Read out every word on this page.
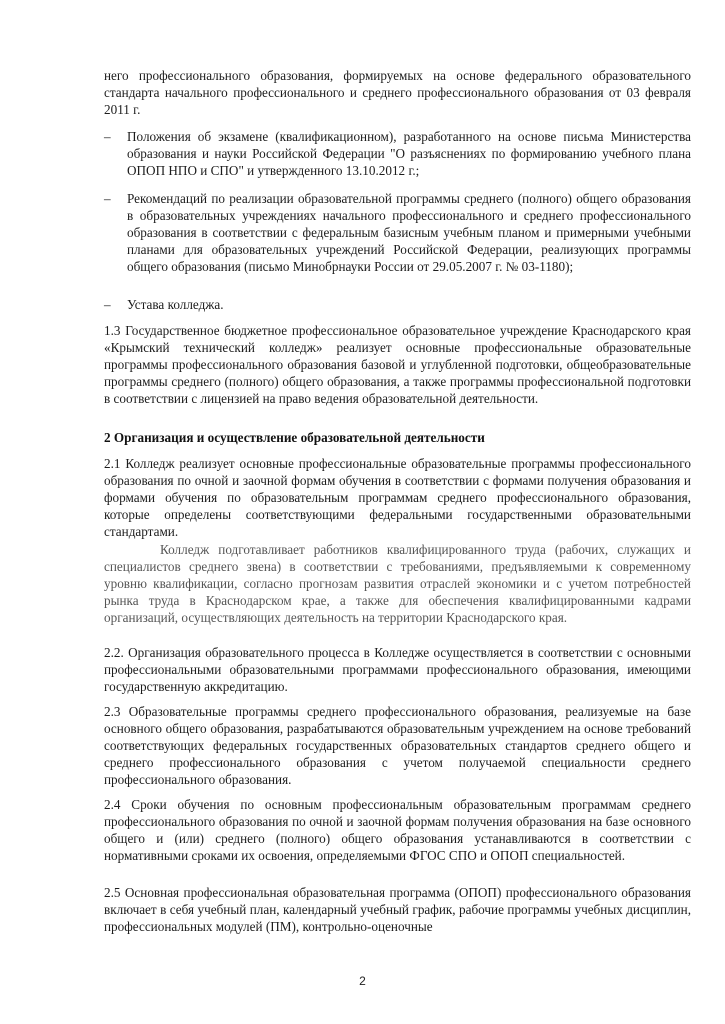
него профессионального образования, формируемых на основе федерального образовательного стандарта начального профессионального и среднего профессионального образования от 03 февраля 2011 г.
–	Положения об экзамене (квалификационном), разработанного на основе письма Министерства образования и науки Российской Федерации "О разъяснениях по формированию учебного плана ОПОП НПО и СПО" и утвержденного 13.10.2012 г.;
–	Рекомендаций по реализации образовательной программы среднего (полного) общего образования в образовательных учреждениях начального профессионального и среднего профессионального образования в соответствии с федеральным базисным учебным планом и примерными учебными планами для образовательных учреждений Российской Федерации, реализующих программы общего образования (письмо Минобрнауки России от 29.05.2007 г. № 03-1180);
–	Устава колледжа.
1.3 Государственное бюджетное профессиональное образовательное учреждение Краснодарского края «Крымский технический колледж» реализует основные профессиональные образовательные программы профессионального образования базовой и углубленной подготовки, общеобразовательные программы среднего (полного) общего образования, а также программы профессиональной подготовки в соответствии с лицензией на право ведения образовательной деятельности.
2 Организация и осуществление образовательной деятельности
2.1 Колледж реализует основные профессиональные образовательные программы профессионального образования по очной и заочной формам обучения в соответствии с формами получения образования и формами обучения по образовательным программам среднего профессионального образования, которые определены соответствующими федеральными государственными образовательными стандартами.
Колледж подготавливает работников квалифицированного труда (рабочих, служащих и специалистов среднего звена) в соответствии с требованиями, предъявляемыми к современному уровню квалификации, согласно прогнозам развития отраслей экономики и с учетом потребностей рынка труда в Краснодарском крае, а также для обеспечения квалифицированными кадрами организаций, осуществляющих деятельность на территории Краснодарского края.
2.2. Организация образовательного процесса в Колледже осуществляется в соответствии с основными профессиональными образовательными программами профессионального образования, имеющими государственную аккредитацию.
2.3 Образовательные программы среднего профессионального образования, реализуемые на базе основного общего образования, разрабатываются образовательным учреждением на основе требований соответствующих федеральных государственных образовательных стандартов среднего общего и среднего профессионального образования с учетом получаемой специальности среднего профессионального образования.
2.4 Сроки обучения по основным профессиональным образовательным программам среднего профессионального образования по очной и заочной формам получения образования на базе основного общего и (или) среднего (полного) общего образования устанавливаются в соответствии с нормативными сроками их освоения, определяемыми ФГОС СПО и ОПОП специальностей.
2.5 Основная профессиональная образовательная программа (ОПОП) профессионального образования включает в себя учебный план, календарный учебный график, рабочие программы учебных дисциплин, профессиональных модулей (ПМ), контрольно-оценочные
2
